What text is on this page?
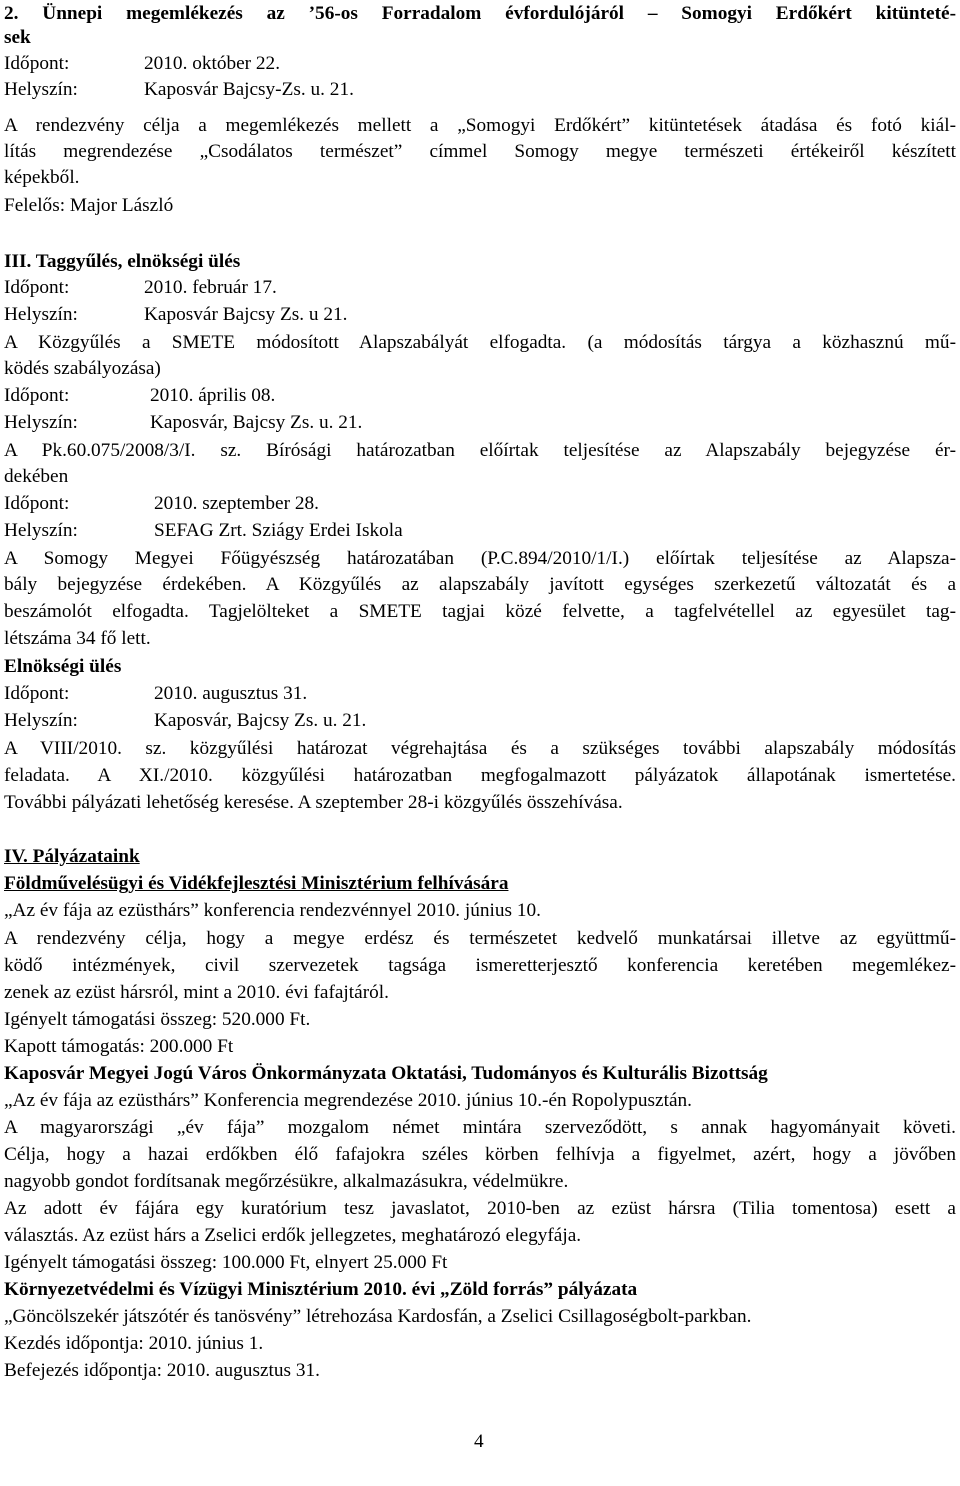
2. Ünnepi megemlékezés az ’56-os Forradalom évfordulójáról – Somogyi Erdőkért kitünteté-
sek
Időpont:	2010. október 22.
Helyszín:	Kaposvár Bajcsy-Zs. u. 21.
A rendezvény célja a megemlékezés mellett a „Somogyi Erdőkért” kitüntetések átadása és fotó kiál-
lítás megrendezése „Csodálatos természet” címmel Somogy megye természeti értékeiről készített
képekből.
Felelős: Major László
III. Taggyűlés, elnökségi ülés
Időpont:	2010. február 17.
Helyszín:	Kaposvár Bajcsy Zs. u 21.
A Közgyűlés a SMETE módosított Alapszabályát elfogadta. (a módosítás tárgya a közhasznú mű-
ködés szabályozása)
Időpont:	2010. április 08.
Helyszín:	Kaposvár, Bajcsy Zs. u. 21.
A Pk.60.075/2008/3/I. sz. Bírósági határozatban előírtak teljesítése az Alapszabály bejegyzése ér-
dekében
Időpont:	2010. szeptember 28.
Helyszín:	SEFAG Zrt. Sziágy Erdei Iskola
A Somogy Megyei Főügyészség határozatában (P.C.894/2010/1/I.) előírtak teljesítése az Alapsza-
bály bejegyzése érdekében. A Közgyűlés az alapszabály javított egységes szerkezetű változatát és a
beszámolót elfogadta. Tagjelölteket a SMETE tagjai közé felvette, a tagfelvétellel az egyesület tag-
létszáma 34 fő lett.
Elnökségi ülés
Időpont:	2010. augusztus 31.
Helyszín:	Kaposvár, Bajcsy Zs. u. 21.
A VIII/2010. sz. közgyűlési határozat végrehajtása és a szükséges további alapszabály módosítás
feladata. A XI./2010. közgyűlési határozatban megfogalmazott pályázatok állapotának ismertetése.
További pályázati lehetőség keresése. A szeptember 28-i közgyűlés összehívása.
IV. Pályázataink
Földművelésügyi és Vidékfejlesztési Minisztérium felhívására
„Az év fája az ezüsthárs” konferencia rendezvénnyel 2010. június 10.
A rendezvény célja, hogy a megye erdész és természetet kedvelő munkatársai illetve az együttmű-
ködő intézmények, civil szervezetek tagsága ismeretterjesztő konferencia keretében megemlékez-
zenek az ezüst hársról, mint a 2010. évi fafajtáról.
Igényelt támogatási összeg: 520.000 Ft.
Kapott támogatás: 200.000 Ft
Kaposvár Megyei Jogú Város Önkormányzata Oktatási, Tudományos és Kulturális Bizottság
„Az év fája az ezüsthárs” Konferencia megrendezése 2010. június 10.-én Ropolypusztán.
A magyarországi „év fája” mozgalom német mintára szerveződött, s annak hagyományait követi.
Célja, hogy a hazai erdőkben élő fafajokra széles körben felhívja a figyelmet, azért, hogy a jövőben
nagyobb gondot fordítsanak megőrzésükre, alkalmazásukra, védelmükre.
Az adott év fájára egy kuratórium tesz javaslatot, 2010-ben az ezüst hársra (Tilia tomentosa) esett a
választás. Az ezüst hárs a Zselici erdők jellegzetes, meghatározó elegyfája.
Igényelt támogatási összeg: 100.000 Ft, elnyert 25.000 Ft
Környezetvédelmi és Vízügyi Minisztérium 2010. évi „Zöld forrás” pályázata
„Göncölszekér játszótér és tanösvény” létrehozása Kardosfán, a Zselici Csillagoségbolt-parkban.
Kezdés időpontja: 2010. június 1.
Befejezés időpontja: 2010. augusztus 31.
4
